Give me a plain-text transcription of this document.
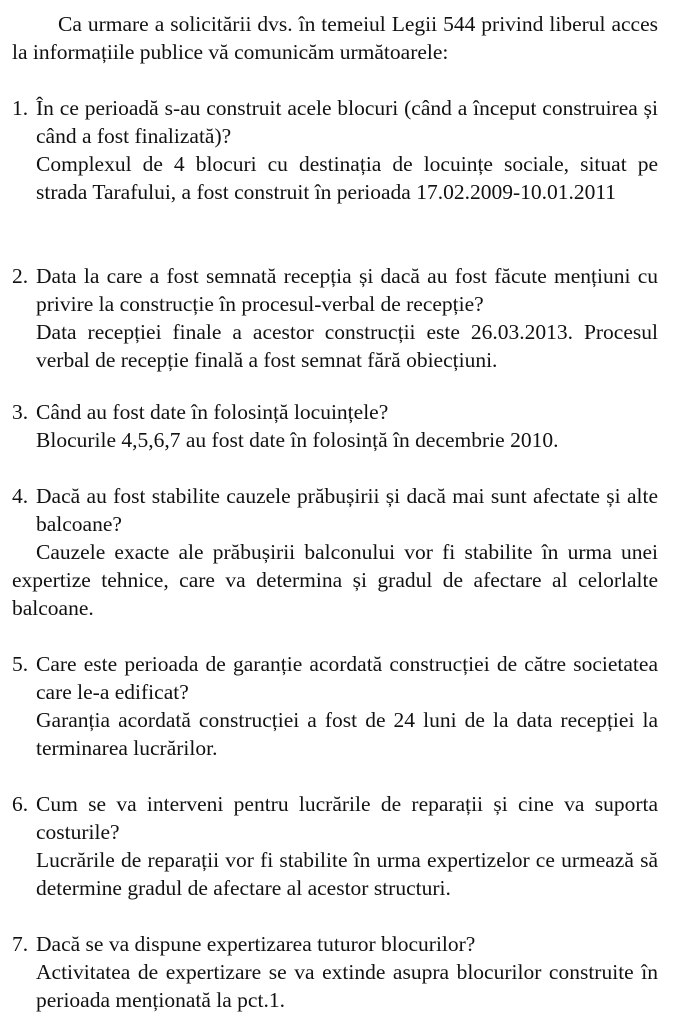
Ca urmare a solicitării dvs. în temeiul Legii 544 privind liberul acces la informațiile publice vă comunicăm următoarele:

1. În ce perioadă s-au construit acele blocuri (când a început construirea și când a fost finalizată)?
Complexul de 4 blocuri cu destinația de locuințe sociale, situat pe strada Tarafului, a fost construit în perioada 17.02.2009-10.01.2011
2. Data la care a fost semnată recepția și dacă au fost făcute mențiuni cu privire la construcție în procesul-verbal de recepție?
Data recepției finale a acestor construcții este 26.03.2013. Procesul verbal de recepție finală a fost semnat fără obiecțiuni.
3. Când au fost date în folosință locuințele?
Blocurile 4,5,6,7 au fost date în folosință în decembrie 2010.
4. Dacă au fost stabilite cauzele prăbușirii și dacă mai sunt afectate și alte balcoane?
Cauzele exacte ale prăbușirii balconului vor fi stabilite în urma unei expertize tehnice, care va determina și gradul de afectare al celorlalte balcoane.
5. Care este perioada de garanție acordată construcției de către societatea care le-a edificat?
Garanția acordată construcției a fost de 24 luni de la data recepției la terminarea lucrărilor.
6. Cum se va interveni pentru lucrările de reparații și cine va suporta costurile?
Lucrările de reparații vor fi stabilite în urma expertizelor ce urmează să determine gradul de afectare al acestor structuri.
7. Dacă se va dispune expertizarea tuturor blocurilor?
Activitatea de expertizare se va extinde asupra blocurilor construite în perioada menționată la pct.1.
